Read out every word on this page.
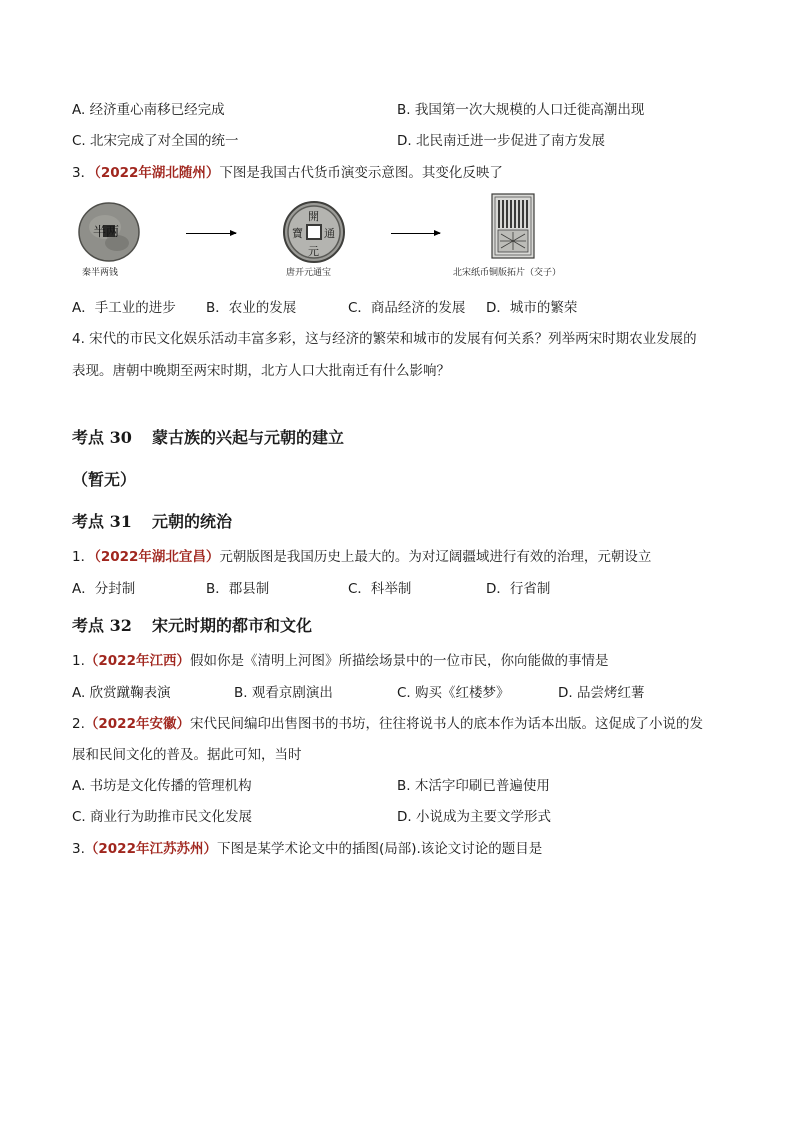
A. 经济重心南移已经完成	B. 我国第一次大规模的人口迁徙高潮出现
C. 北宋完成了对全国的统一	D. 北民南迁进一步促进了南方发展
3．（2022年湖北随州）下图是我国古代货币演变示意图。其变化反映了
半两
開
元
通
寶
秦半两钱	唐开元通宝	北宋纸币铜版拓片（交子）
A．手工业的进步 B．农业的发展	C．商品经济的发展 D．城市的繁荣
4. 宋代的市民文化娱乐活动丰富多彩，这与经济的繁荣和城市的发展有何关系？列举两宋时期农业发展的
表现。唐朝中晚期至两宋时期，北方人口大批南迁有什么影响？
考点 30 蒙古族的兴起与元朝的建立
（暂无）
考点 31 元朝的统治
1．（2022年湖北宜昌）元朝版图是我国历史上最大的。为对辽阔疆域进行有效的治理，元朝设立
A．分封制	B．郡县制	C．科举制	D．行省制
考点 32 宋元时期的都市和文化
1.（2022年江西）假如你是《清明上河图》所描绘场景中的一位市民，你向能做的事情是
A. 欣赏蹴鞠表演	B. 观看京剧演出	C. 购买《红楼梦》	D. 品尝烤红薯
2.（2022年安徽）宋代民间编印出售图书的书坊，往往将说书人的底本作为话本出版。这促成了小说的发
展和民间文化的普及。据此可知，当时
A. 书坊是文化传播的管理机构	B. 木活字印刷已普遍使用
C. 商业行为助推市民文化发展	D. 小说成为主要文学形式
3.（2022年江苏苏州）下图是某学术论文中的插图(局部).该论文讨论的题目是
